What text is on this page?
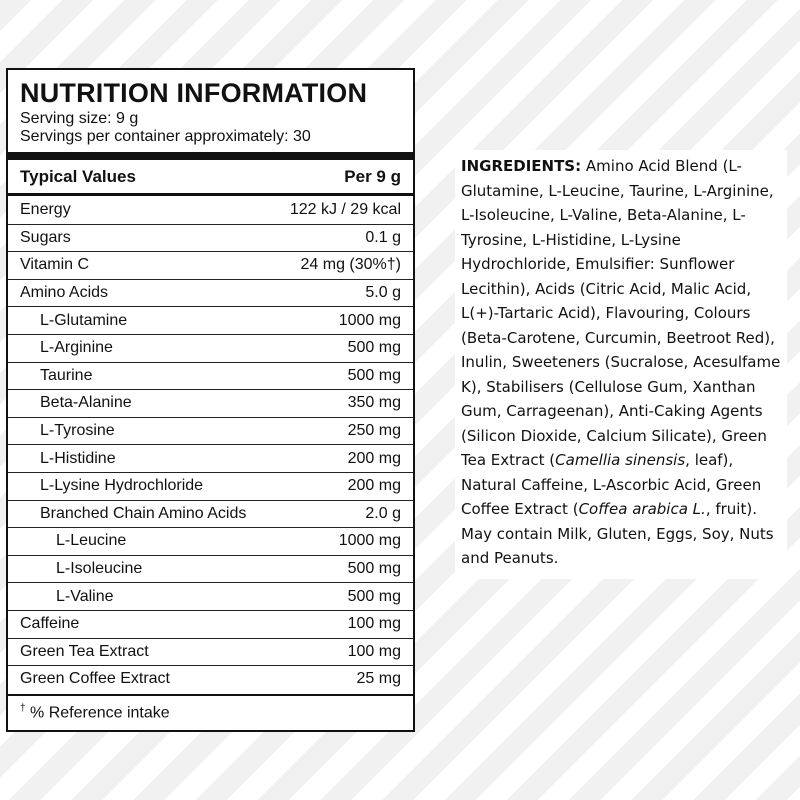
NUTRITION INFORMATION
Serving size: 9 g
Servings per container approximately: 30
Typical Values	Per 9 g
Energy	122 kJ / 29 kcal
Sugars	0.1 g
Vitamin C	24 mg (30%†)
Amino Acids	5.0 g
L-Glutamine	1000 mg
L-Arginine	500 mg
Taurine	500 mg
Beta-Alanine	350 mg
L-Tyrosine	250 mg
L-Histidine	200 mg
L-Lysine Hydrochloride	200 mg
Branched Chain Amino Acids	2.0 g
L-Leucine	1000 mg
L-Isoleucine	500 mg
L-Valine	500 mg
Caffeine	100 mg
Green Tea Extract	100 mg
Green Coffee Extract	25 mg
† % Reference intake
INGREDIENTS: Amino Acid Blend (L-Glutamine, L-Leucine, Taurine, L-Arginine, L-Isoleucine, L-Valine, Beta-Alanine, L-Tyrosine, L-Histidine, L-Lysine Hydrochloride, Emulsifier: Sunflower Lecithin), Acids (Citric Acid, Malic Acid, L(+)-Tartaric Acid), Flavouring, Colours (Beta-Carotene, Curcumin, Beetroot Red), Inulin, Sweeteners (Sucralose, Acesulfame K), Stabilisers (Cellulose Gum, Xanthan Gum, Carrageenan), Anti-Caking Agents (Silicon Dioxide, Calcium Silicate), Green Tea Extract (Camellia sinensis, leaf), Natural Caffeine, L-Ascorbic Acid, Green Coffee Extract (Coffea arabica L., fruit). May contain Milk, Gluten, Eggs, Soy, Nuts and Peanuts.
